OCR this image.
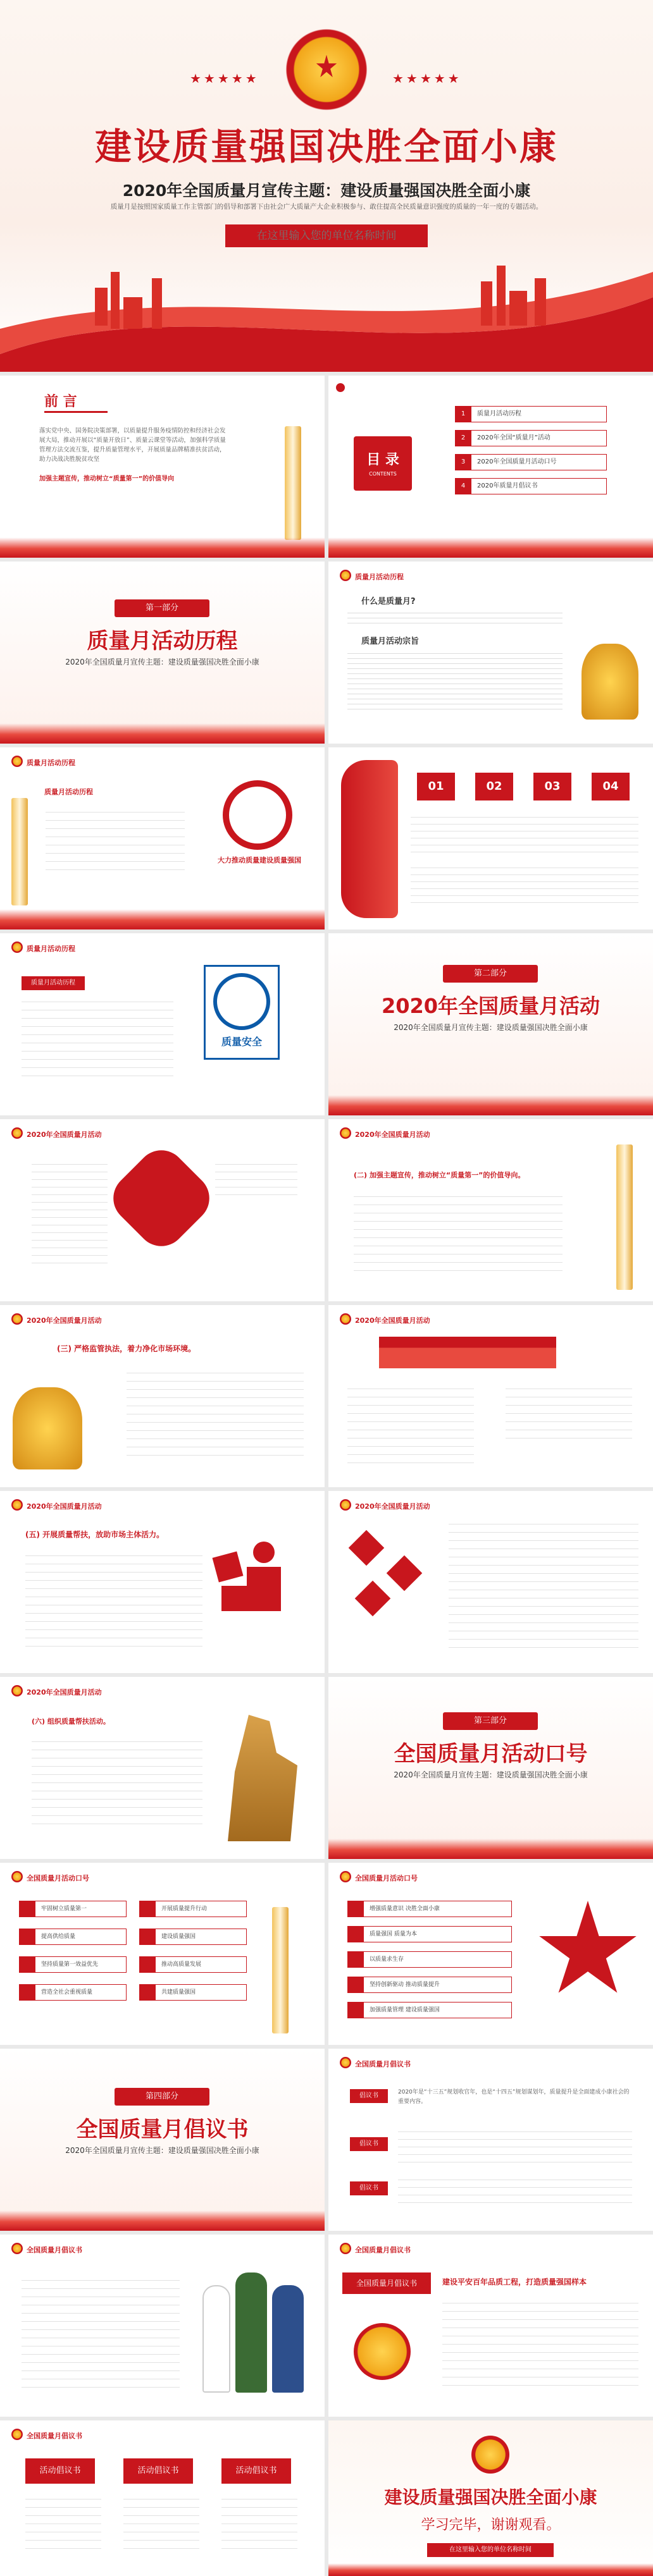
★★★★★	★★★★★
建设质量强国决胜全面小康
2020年全国质量月宣传主题：建设质量强国决胜全面小康
质量月是按照国家质量工作主管部门的倡导和部署下由社会广大质量产大企业积极参与、敢住提高全民质量意识强度的质量的一年一度的专题活动。
在这里输入您的单位名称时间
前 言
落实党中央、国务院决策部署，以质量提升服务疫情防控和经济社会发展大局，推动开展以“质量开放日”、质量云课堂等活动，加强科学质量管理方法交流互鉴，提升质量管理水平，开展质量品牌精准扶贫活动，助力决战决胜脱贫攻坚
加强主题宣传，推动树立“质量第一”的价值导向
目 录
CONTENTS
1	质量月活动历程
2	2020年全国“质量月”活动
3	2020年全国质量月活动口号
4	2020年质量月倡议书
第一部分
质量月活动历程
2020年全国质量月宣传主题：建设质量强国决胜全面小康
质量月活动历程
什么是质量月?
质量月活动宗旨
质量月活动历程
质量月活动历程
大力推动质量建设质量强国
01	02	03	04
质量月活动历程
质量月活动历程
质量安全
第二部分
2020年全国质量月活动
2020年全国质量月宣传主题：建设质量强国决胜全面小康
2020年全国质量月活动	2020年全国质量月活动
(二) 加强主题宣传，推动树立“质量第一”的价值导向。
2020年全国质量月活动
(三) 严格监管执法，着力净化市场环境。
2020年全国质量月活动
2020年全国质量月活动
(五) 开展质量帮扶，放助市场主体活力。
2020年全国质量月活动
2020年全国质量月活动
(六) 组织质量帮扶活动。	第三部分
全国质量月活动口号
2020年全国质量月宣传主题：建设质量强国决胜全面小康
全国质量月活动口号
牢固树立质量第一	开展质量提升行动
提高供给质量	建设质量强国
坚持质量第一效益优先	推动高质量发展
营造全社会重视质量	共建质量强国
全国质量月活动口号
增强质量意识 决胜全面小康
质量强国 质量为本
以质量求生存
坚持创新驱动 推动质量提升
加强质量管理 建设质量强国
第四部分
全国质量月倡议书
2020年全国质量月宣传主题：建设质量强国决胜全面小康
全国质量月倡议书
倡议书	2020年是“十三五”规划收官年，也是“十四五”规划谋划年，质量提升是全面建成小康社会的重要内容。
倡议书
倡议书
全国质量月倡议书	全国质量月倡议书
全国质量月倡议书	建设平安百年品质工程，打造质量强国样本
全国质量月倡议书
活动倡议书	活动倡议书	活动倡议书
建设质量强国决胜全面小康
学习完毕，谢谢观看。
在这里输入您的单位名称时间
